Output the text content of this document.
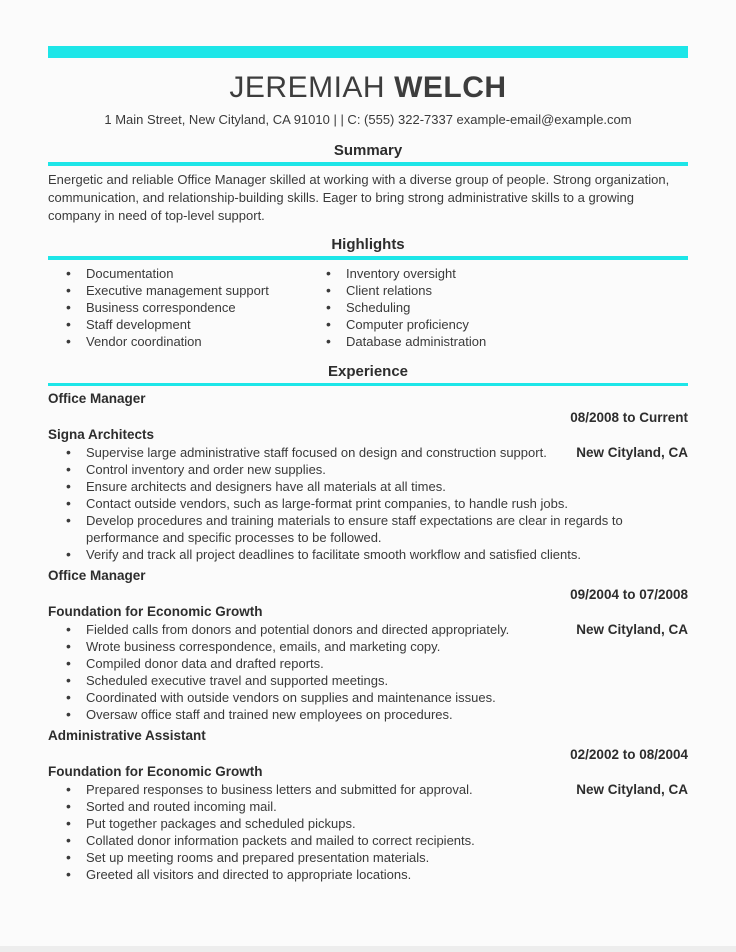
JEREMIAH WELCH
1 Main Street, New Cityland, CA 91010 | | C: (555) 322-7337 example-email@example.com
Summary
Energetic and reliable Office Manager skilled at working with a diverse group of people. Strong organization, communication, and relationship-building skills. Eager to bring strong administrative skills to a growing company in need of top-level support.
Highlights
• Documentation
• Executive management support
• Business correspondence
• Staff development
• Vendor coordination
• Inventory oversight
• Client relations
• Scheduling
• Computer proficiency
• Database administration
Experience
Office Manager
08/2008 to Current
Signa Architects
New Cityland, CA
• Supervise large administrative staff focused on design and construction support.
• Control inventory and order new supplies.
• Ensure architects and designers have all materials at all times.
• Contact outside vendors, such as large-format print companies, to handle rush jobs.
• Develop procedures and training materials to ensure staff expectations are clear in regards to performance and specific processes to be followed.
• Verify and track all project deadlines to facilitate smooth workflow and satisfied clients.
Office Manager
09/2004 to 07/2008
Foundation for Economic Growth
New Cityland, CA
• Fielded calls from donors and potential donors and directed appropriately.
• Wrote business correspondence, emails, and marketing copy.
• Compiled donor data and drafted reports.
• Scheduled executive travel and supported meetings.
• Coordinated with outside vendors on supplies and maintenance issues.
• Oversaw office staff and trained new employees on procedures.
Administrative Assistant
02/2002 to 08/2004
Foundation for Economic Growth
New Cityland, CA
• Prepared responses to business letters and submitted for approval.
• Sorted and routed incoming mail.
• Put together packages and scheduled pickups.
• Collated donor information packets and mailed to correct recipients.
• Set up meeting rooms and prepared presentation materials.
• Greeted all visitors and directed to appropriate locations.
